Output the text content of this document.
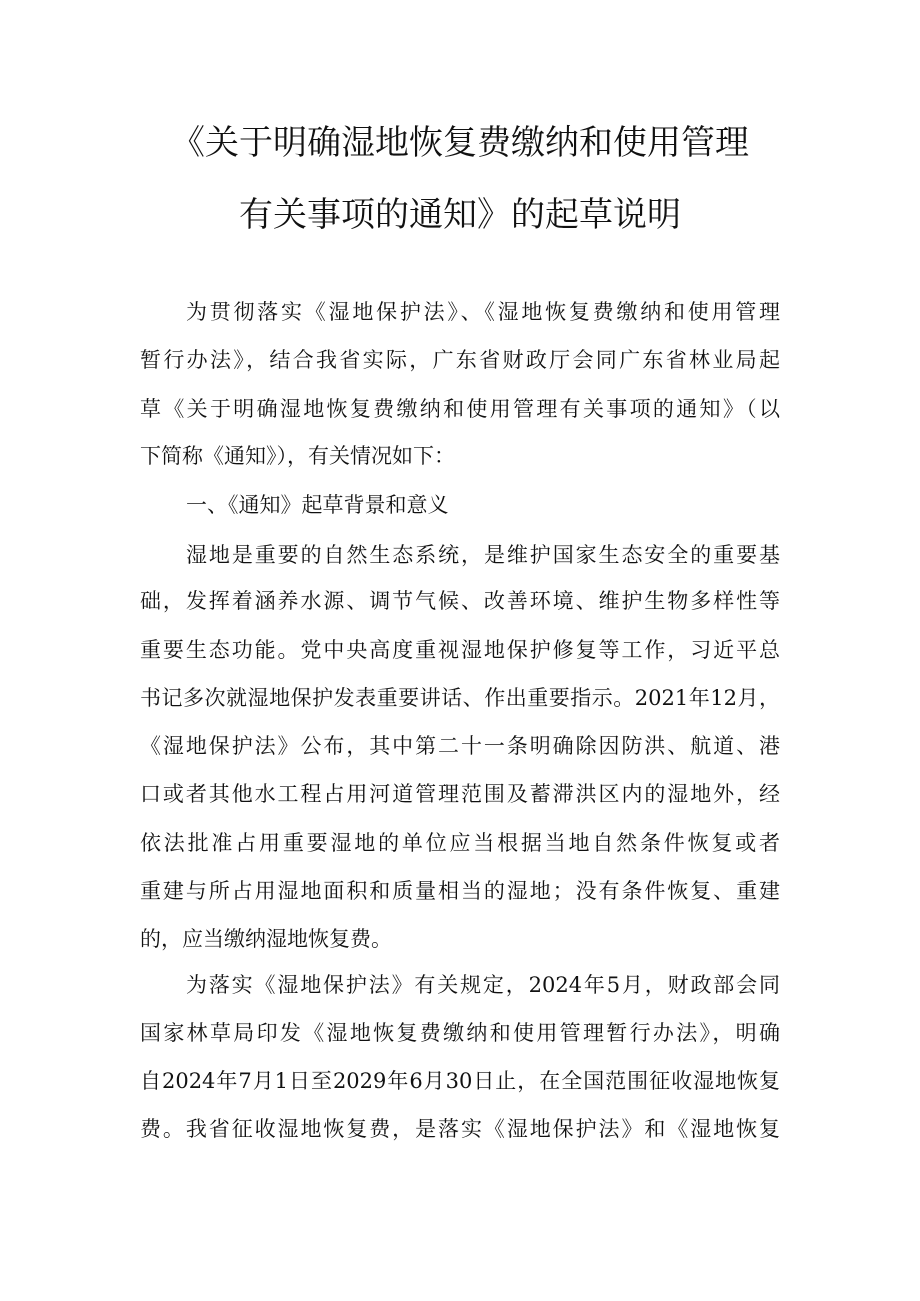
《关于明确湿地恢复费缴纳和使用管理
有关事项的通知》的起草说明
为贯彻落实《湿地保护法》、《湿地恢复费缴纳和使用管理
暂行办法》，结合我省实际，广东省财政厅会同广东省林业局起
草《关于明确湿地恢复费缴纳和使用管理有关事项的通知》（以
下简称《通知》），有关情况如下：
一、《通知》起草背景和意义
湿地是重要的自然生态系统，是维护国家生态安全的重要基
础，发挥着涵养水源、调节气候、改善环境、维护生物多样性等
重要生态功能。党中央高度重视湿地保护修复等工作，习近平总
书记多次就湿地保护发表重要讲话、作出重要指示。2021年12月，
《湿地保护法》公布，其中第二十一条明确除因防洪、航道、港
口或者其他水工程占用河道管理范围及蓄滞洪区内的湿地外，经
依法批准占用重要湿地的单位应当根据当地自然条件恢复或者
重建与所占用湿地面积和质量相当的湿地；没有条件恢复、重建
的，应当缴纳湿地恢复费。
为落实《湿地保护法》有关规定，2024年5月，财政部会同
国家林草局印发《湿地恢复费缴纳和使用管理暂行办法》，明确
自2024年7月1日至2029年6月30日止，在全国范围征收湿地恢复
费。我省征收湿地恢复费，是落实《湿地保护法》和《湿地恢复
